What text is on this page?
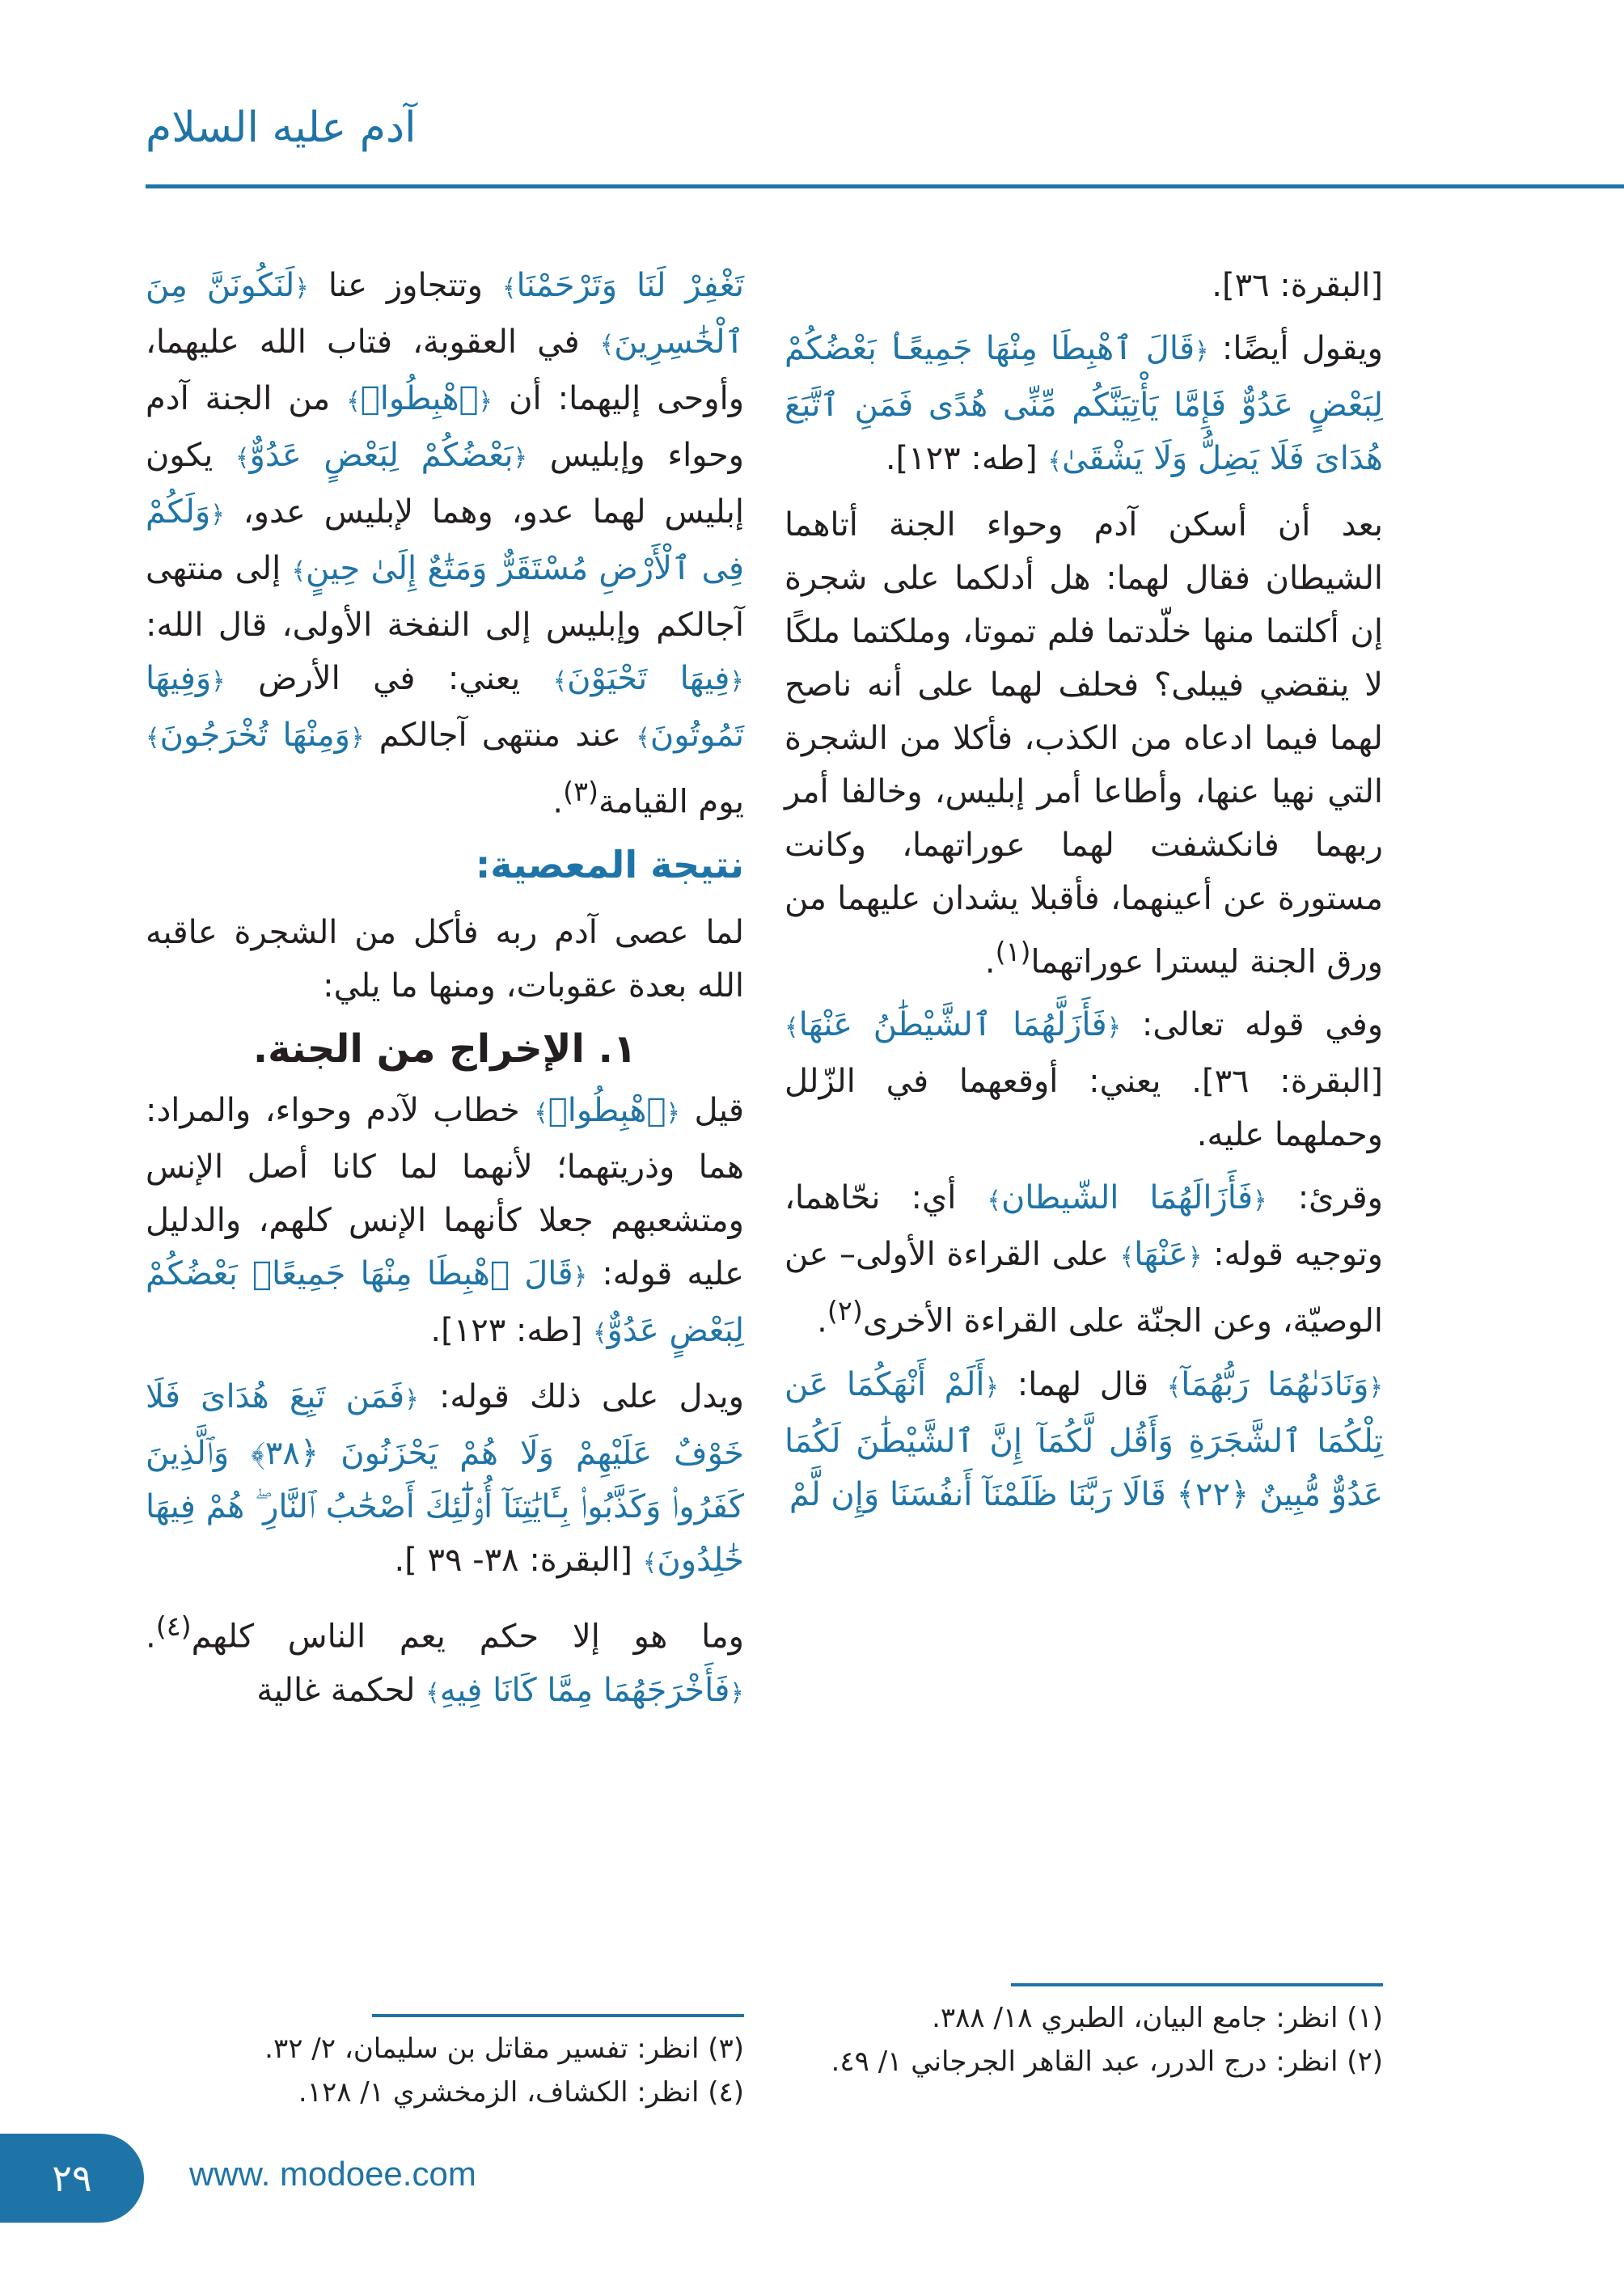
آدم عليه السلام

[البقرة: ٣٦].

ويقول أيضًا: ﴿قَالَ ٱهْبِطَا مِنْهَا جَمِيعًاۢ بَعْضُكُمْ لِبَعْضٍ عَدُوٌّ فَإِمَّا يَأْتِيَنَّكُم مِّنِّى هُدًى فَمَنِ ٱتَّبَعَ هُدَاىَ فَلَا يَضِلُّ وَلَا يَشْقَىٰ﴾ [طه: ١٢٣].

بعد أن أسكن آدم وحواء الجنة أتاهما الشيطان فقال لهما: هل أدلكما على شجرة إن أكلتما منها خلّدتما فلم تموتا، وملكتما ملكًا لا ينقضي فيبلى؟ فحلف لهما على أنه ناصح لهما فيما ادعاه من الكذب، فأكلا من الشجرة التي نهيا عنها، وأطاعا أمر إبليس، وخالفا أمر ربهما فانكشفت لهما عوراتهما، وكانت مستورة عن أعينهما، فأقبلا يشدان عليهما من ورق الجنة ليسترا عوراتهما$^{(١)}$.

وفي قوله تعالى: ﴿فَأَزَلَّهُمَا ٱلشَّيْطَٰنُ عَنْهَا﴾ [البقرة: ٣٦]. يعني: أوقعهما في الزّلل وحملهما عليه.

وقرئ: ﴿فَأَزَالَهُمَا الشّيطان﴾ أي: نحّاهما، وتوجيه قوله: ﴿عَنْهَا﴾ على القراءة الأولى– عن الوصيّة، وعن الجنّة على القراءة الأخرى$^{(٢)}$.

﴿وَنَادَىٰهُمَا رَبُّهُمَآ﴾ قال لهما: ﴿أَلَمْ أَنْهَكُمَا عَن تِلْكُمَا ٱلشَّجَرَةِ وَأَقُل لَّكُمَآ إِنَّ ٱلشَّيْطَٰنَ لَكُمَا عَدُوٌّ مُّبِينٌ ﴿٢٢﴾ قَالَا رَبَّنَا ظَلَمْنَآ أَنفُسَنَا وَإِن لَّمْ

تَغْفِرْ لَنَا وَتَرْحَمْنَا﴾ وتتجاوز عنا ﴿لَنَكُونَنَّ مِنَ ٱلْخَٰسِرِينَ﴾ في العقوبة، فتاب الله عليهما، وأوحى إليهما: أن ﴿ٱهْبِطُوا۟﴾ من الجنة آدم وحواء وإبليس ﴿بَعْضُكُمْ لِبَعْضٍ عَدُوٌّ﴾ يكون إبليس لهما عدو، وهما لإبليس عدو، ﴿وَلَكُمْ فِى ٱلْأَرْضِ مُسْتَقَرٌّ وَمَتَٰعٌ إِلَىٰ حِينٍ﴾ إلى منتهى آجالكم وإبليس إلى النفخة الأولى، قال الله: ﴿فِيهَا تَحْيَوْنَ﴾ يعني: في الأرض ﴿وَفِيهَا تَمُوتُونَ﴾ عند منتهى آجالكم ﴿وَمِنْهَا تُخْرَجُونَ﴾ يوم القيامة$^{(٣)}$.

نتيجة المعصية:

لما عصى آدم ربه فأكل من الشجرة عاقبه الله بعدة عقوبات، ومنها ما يلي:

١. الإخراج من الجنة.

قيل ﴿ٱهْبِطُوا۟﴾ خطاب لآدم وحواء، والمراد: هما وذريتهما؛ لأنهما لما كانا أصل الإنس ومتشعبهم جعلا كأنهما الإنس كلهم، والدليل عليه قوله: ﴿قَالَ ٱهْبِطَا مِنْهَا جَمِيعًاۢ بَعْضُكُمْ لِبَعْضٍ عَدُوٌّ﴾ [طه: ١٢٣].

ويدل على ذلك قوله: ﴿فَمَن تَبِعَ هُدَاىَ فَلَا خَوْفٌ عَلَيْهِمْ وَلَا هُمْ يَحْزَنُونَ ﴿٣٨﴾ وَٱلَّذِينَ كَفَرُوا۟ وَكَذَّبُوا۟ بِـَٔايَٰتِنَآ أُو۟لَٰٓئِكَ أَصْحَٰبُ ٱلنَّارِ ۖ هُمْ فِيهَا خَٰلِدُونَ﴾ [البقرة: ٣٨- ٣٩ ].

وما هو إلا حكم يعم الناس كلهم$^{(٤)}$. ﴿فَأَخْرَجَهُمَا مِمَّا كَانَا فِيهِ﴾ لحكمة غالية

(١) انظر: جامع البيان، الطبري ١٨/ ٣٨٨.
(٢) انظر: درج الدرر، عبد القاهر الجرجاني ١/ ٤٩.
(٣) انظر: تفسير مقاتل بن سليمان، ٢/ ٣٢.
(٤) انظر: الكشاف، الزمخشري ١/ ١٢٨.
٢٩	www. modoee.com
